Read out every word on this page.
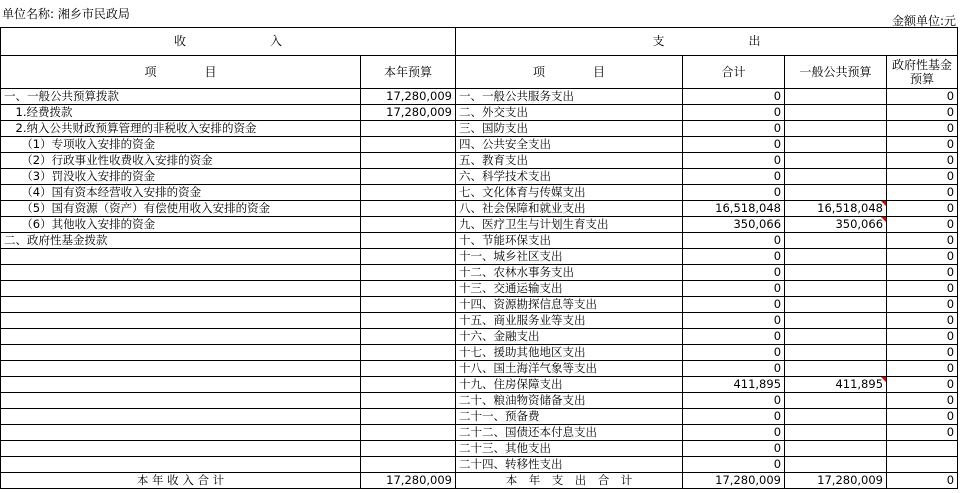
单位名称: 湘乡市民政局	金额单位:元
收　　　　　　　入		支　　　　　　　出			
项　　　　目	本年预算	项　　　　目	合计	一般公共预算	政府性基金预算
一、一般公共预算拨款	17,280,009	一、一般公共服务支出	0		0
　1.经费拨款	17,280,009	二、外交支出	0		0
　2.纳入公共财政预算管理的非税收入安排的资金		三、国防支出	0		0
　　（1）专项收入安排的资金		四、公共安全支出	0		0
　　（2）行政事业性收费收入安排的资金		五、教育支出	0		0
　　（3）罚没收入安排的资金		六、科学技术支出	0		0
　　（4）国有资本经营收入安排的资金		七、文化体育与传媒支出	0		0
　　（5）国有资源（资产）有偿使用收入安排的资金		八、社会保障和就业支出	16,518,048	16,518,048	0
　　（6）其他收入安排的资金		九、医疗卫生与计划生育支出	350,066	350,066	0
二、政府性基金拨款		十、节能环保支出	0		0
		十一、城乡社区支出	0		0
		十二、农林水事务支出	0		0
		十三、交通运输支出	0		0
		十四、资源勘探信息等支出	0		0
		十五、商业服务业等支出	0		0
		十六、金融支出	0		0
		十七、援助其他地区支出	0		0
		十八、国土海洋气象等支出	0		0
		十九、住房保障支出	411,895	411,895	0
		二十、粮油物资储备支出	0		0
		二十一、预备费	0		0
		二十二、国债还本付息支出	0		0
		二十三、其他支出	0		
		二十四、转移性支出	0		
本 年 收 入 合 计	17,280,009	本　年　支　出　合　计	17,280,009	17,280,009	0
